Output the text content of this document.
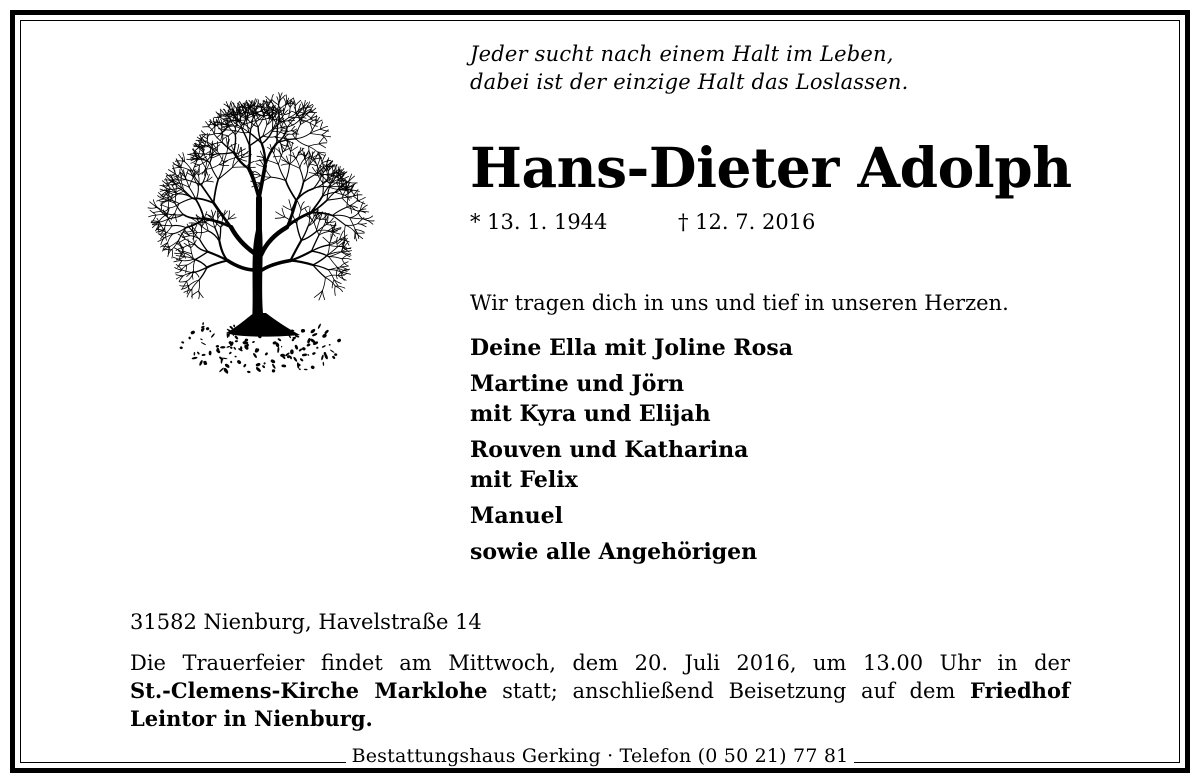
Jeder sucht nach einem Halt im Leben,
dabei ist der einzige Halt das Loslassen.
Hans-Dieter Adolph
* 13. 1. 1944	† 12. 7. 2016
Wir tragen dich in uns und tief in unseren Herzen.
Deine Ella mit Joline Rosa
Martine und Jörn
mit Kyra und Elijah
Rouven und Katharina
mit Felix
Manuel
sowie alle Angehörigen
31582 Nienburg, Havelstraße 14
Die Trauerfeier findet am Mittwoch, dem 20. Juli 2016, um 13.00 Uhr in der
St.-Clemens-Kirche Marklohe statt; anschließend Beisetzung auf dem Friedhof
Leintor in Nienburg.
Bestattungshaus Gerking · Telefon (0 50 21) 77 81
